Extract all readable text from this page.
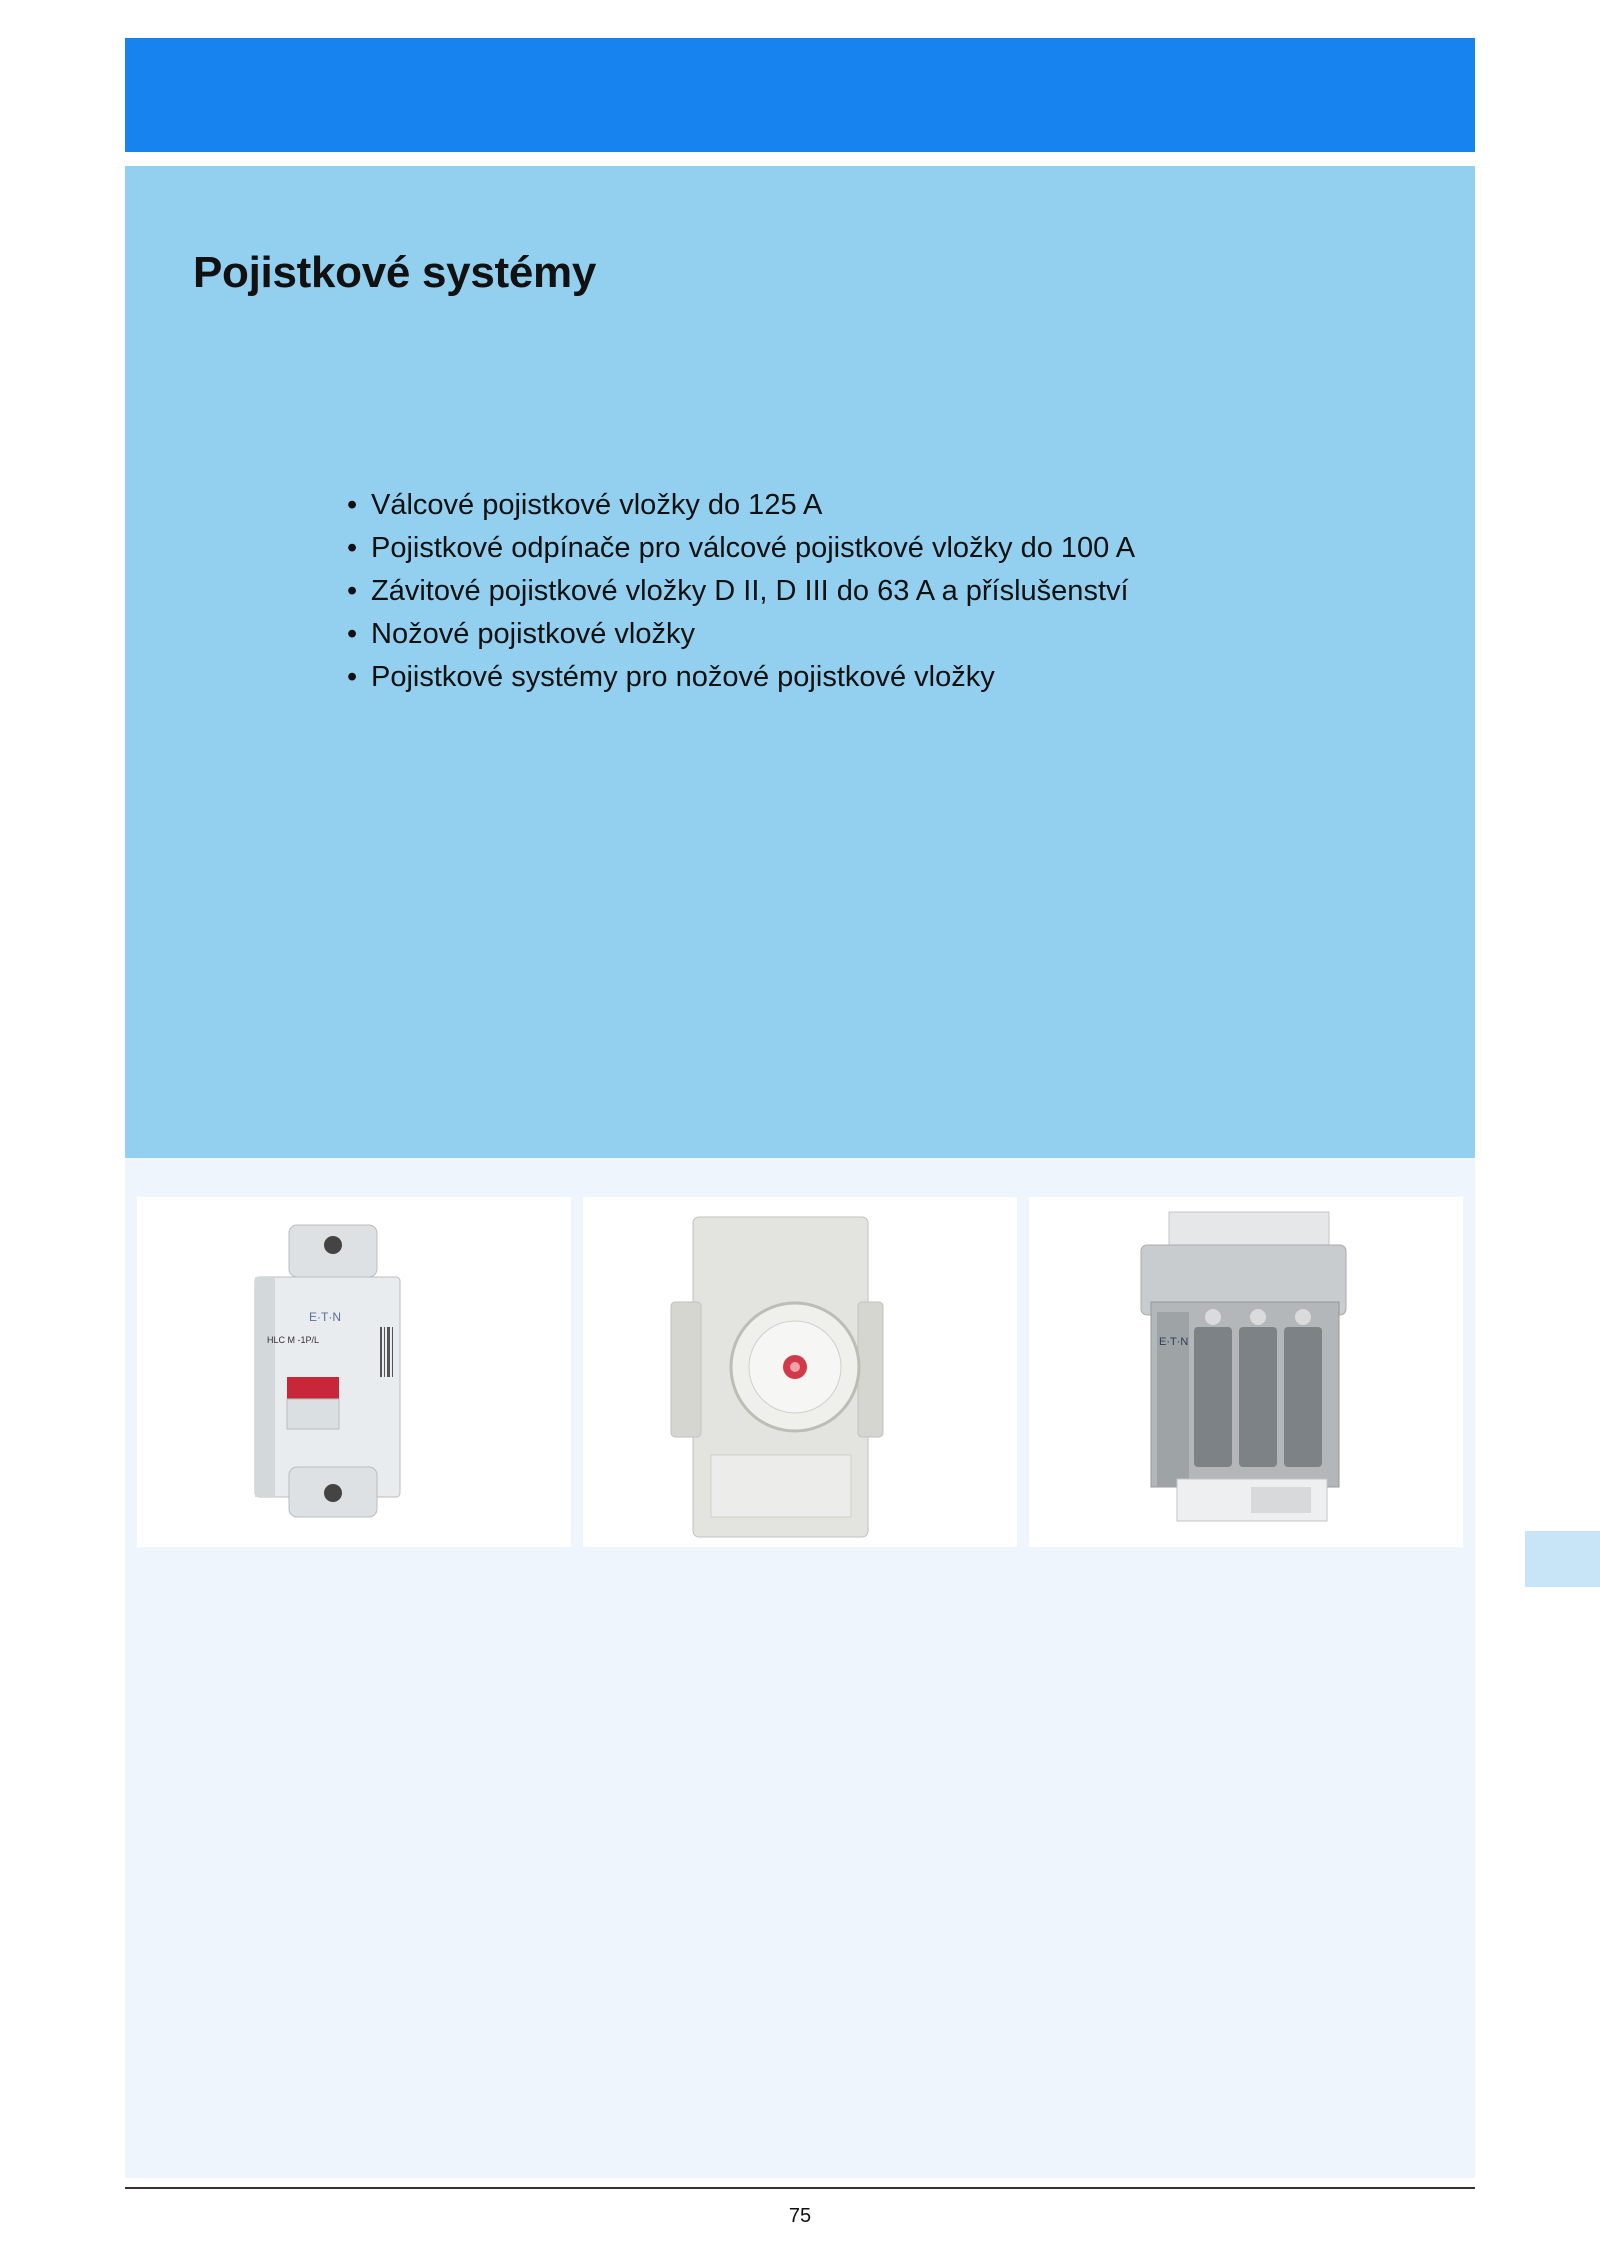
Pojistkové systémy
• Válcové pojistkové vložky do 125 A
• Pojistkové odpínače pro válcové pojistkové vložky do 100 A
• Závitové pojistkové vložky D II, D III do 63 A a příslušenství
• Nožové pojistkové vložky
• Pojistkové systémy pro nožové pojistkové vložky
E·T·N
HLC M -1P/L	E·T·N
75
